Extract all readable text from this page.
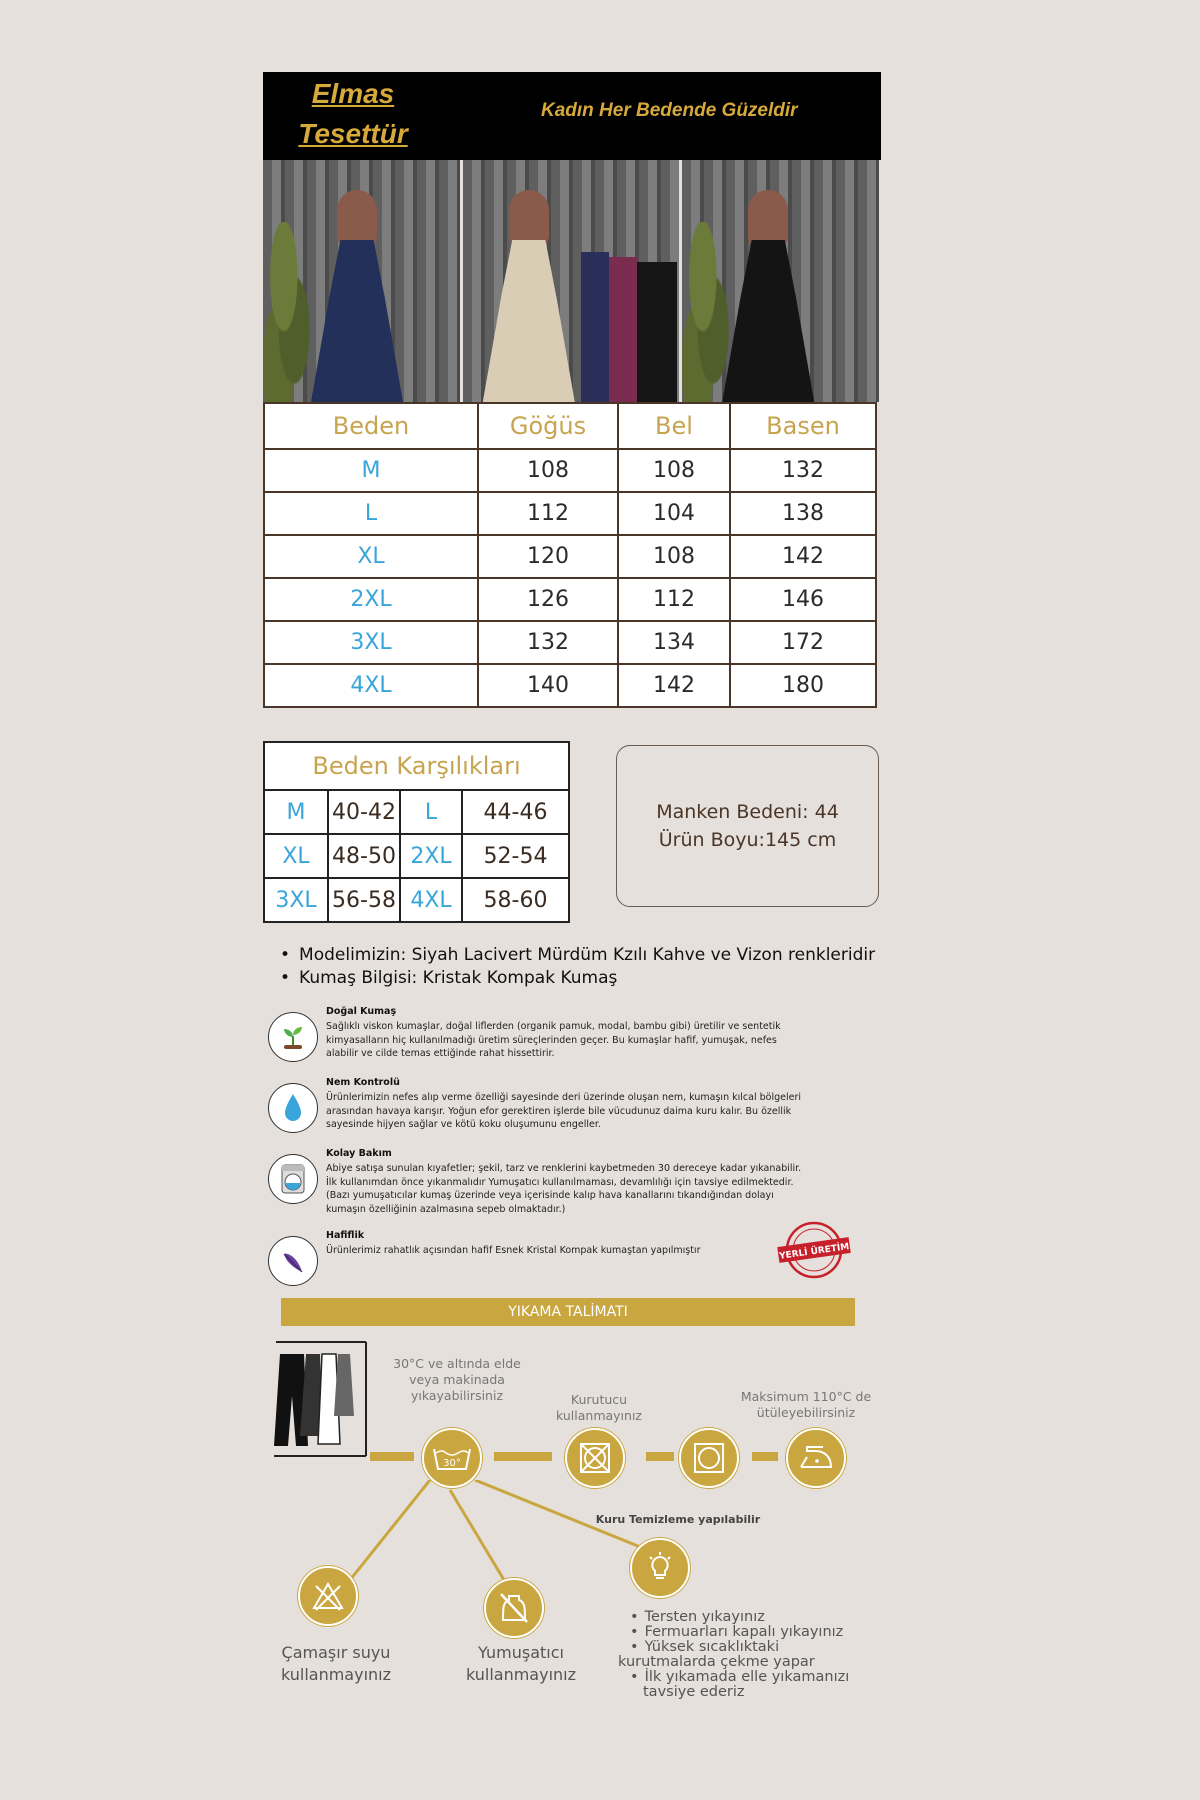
Elmas
Tesettür
Kadın Her Bedende Güzeldir
Beden	Göğüs	Bel	Basen
M	108	108	132
L	112	104	138
XL	120	108	142
2XL	126	112	146
3XL	132	134	172
4XL	140	142	180
Beden Karşılıkları			
M	40-42	L	44-46
XL	48-50	2XL	52-54
3XL	56-58	4XL	58-60
Manken Bedeni: 44
Ürün Boyu:145 cm
• Modelimizin: Siyah Lacivert Mürdüm Kzılı Kahve ve Vizon renkleridir
• Kumaş Bilgisi: Kristak Kompak Kumaş
Doğal Kumaş
Sağlıklı viskon kumaşlar, doğal liflerden (organik pamuk, modal, bambu gibi) üretilir ve sentetik kimyasalların hiç kullanılmadığı üretim süreçlerinden geçer. Bu kumaşlar hafif, yumuşak, nefes alabilir ve cilde temas ettiğinde rahat hissettirir.
Nem Kontrolü
Ürünlerimizin nefes alıp verme özelliği sayesinde deri üzerinde oluşan nem, kumaşın kılcal bölgeleri arasından havaya karışır. Yoğun efor gerektiren işlerde bile vücudunuz daima kuru kalır. Bu özellik sayesinde hijyen sağlar ve kötü koku oluşumunu engeller.
Kolay Bakım
Abiye satışa sunulan kıyafetler; şekil, tarz ve renklerini kaybetmeden 30 dereceye kadar yıkanabilir. İlk kullanımdan önce yıkanmalıdır Yumuşatıcı kullanılmaması, devamlılığı için tavsiye edilmektedir. (Bazı yumuşatıcılar kumaş üzerinde veya içerisinde kalıp hava kanallarını tıkandığından dolayı kumaşın özelliğinin azalmasına sepeb olmaktadır.)
Hafiflik
Ürünlerimiz rahatlık açısından hafif Esnek Kristal Kompak kumaştan yapılmıştır	YERLİ ÜRETİM
YIKAMA TALİMATI
30°C ve altında elde veya makinada yıkayabilirsiniz	Kurutucu kullanmayınız
Maksimum 110°C de ütüleyebilirsiniz
30°
Kuru Temizleme yapılabilir
Çamaşır suyu kullanmayınız
Yumuşatıcı kullanmayınız
• Tersten yıkayınız
• Fermuarları kapalı yıkayınız
• Yüksek sıcaklıktaki
kurutmalarda çekme yapar
• İlk yıkamada elle yıkamanızı
tavsiye ederiz
